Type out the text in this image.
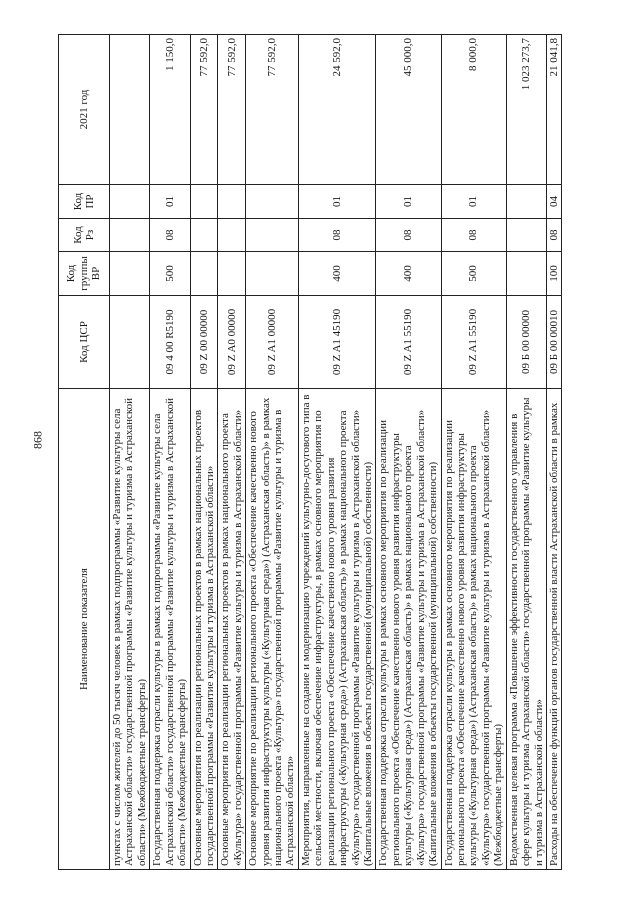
868
Наименование показателя	Код ЦСР	Код группы ВР	Код Рз	Код ПР	2021 год
пунктах с числом жителей до 50 тысяч человек в рамках подпрограммы «Развитие культуры села Астраханской области» государственной программы «Развитие культуры и туризма в Астраханской области» (Межбюджетные трансферты)					
Государственная поддержка отрасли культуры в рамках подпрограммы «Развитие культуры села Астраханской области» государственной программы «Развитие культуры и туризма в Астраханской области» (Межбюджетные трансферты)	09 4 00 R5190	500	08	01	1 150,0
Основные мероприятия по реализации региональных проектов в рамках национальных проектов государственной программы «Развитие культуры и туризма в Астраханской области»	09 Z 00 00000				77 592,0
Основные мероприятия по реализации региональных проектов в рамках национального проекта «Культура» государственной программы «Развитие культуры и туризма в Астраханской области»	09 Z A0 00000				77 592,0
Основное мероприятие по реализации регионального проекта «Обеспечение качественно нового уровня развития инфраструктуры культуры («Культурная среда») (Астраханская область)» в рамках национального проекта «Культура» государственной программы «Развитие культуры и туризма в Астраханской области»	09 Z A1 00000				77 592,0
Мероприятия, направленные на создание и модернизацию учреждений культурно-досугового типа в сельской местности, включая обеспечение инфраструктуры, в рамках основного мероприятия по реализации регионального проекта «Обеспечение качественно нового уровня развития инфраструктуры («Культурная среда») (Астраханская область)» в рамках национального проекта «Культура» государственной программы «Развитие культуры и туризма в Астраханской области» (Капитальные вложения в объекты государственной (муниципальной) собственности)	09 Z A1 45190	400	08	01	24 592,0
Государственная поддержка отрасли культуры в рамках основного мероприятия по реализации регионального проекта «Обеспечение качественно нового уровня развития инфраструктуры культуры («Культурная среда») (Астраханская область)» в рамках национального проекта «Культура» государственной программы «Развитие культуры и туризма в Астраханской области» (Капитальные вложения в объекты государственной (муниципальной) собственности)	09 Z A1 55190	400	08	01	45 000,0
Государственная поддержка отрасли культуры в рамках основного мероприятия по реализации регионального проекта «Обеспечение качественно нового уровня развития инфраструктуры культуры («Культурная среда») (Астраханская область)» в рамках национального проекта «Культура» государственной программы «Развитие культуры и туризма в Астраханской области» (Межбюджетные трансферты)	09 Z A1 55190	500	08	01	8 000,0
Ведомственная целевая программа «Повышение эффективности государственного управления в сфере культуры и туризма Астраханской области» государственной программы «Развитие культуры и туризма в Астраханской области»	09 Б 00 00000				1 023 273,7
Расходы на обеспечение функций органов государственной власти Астраханской области в рамках	09 Б 00 00010	100	08	04	21 041,8
